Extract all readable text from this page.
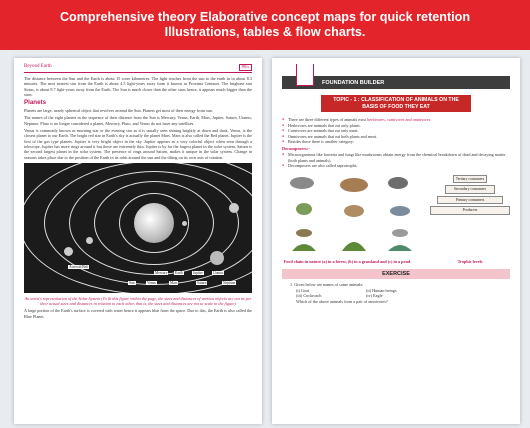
Comprehensive theory Elaborative concept maps for quick retention
Illustrations, tables & flow charts.
Beyond Earth	#85

The distance between the Sun and the Earth is about 15 crore kilometres. The light reaches from the sun to the earth in in about 8.3 minutes. The next nearest star from the Earth is about 4.3 light-years away from it known as Proxima Centauri. The brightest star Sirius, is about 8.7 light-years away from the Earth. The Sun is much closer than the other stars hence, it appears much bigger than the stars.

Planets

Planets are large, nearly spherical object that revolves around the Sun. Planets get most of their energy from sun.

The names of the eight planets in the sequence of their distance from the Sun is Mercury, Venus, Earth, Mars, Jupiter, Saturn, Uranus, Neptune. Pluto is no longer considered a planet, Mercury, Pluto, and Venus do not have any satellites.

Venus is commonly known as morning star or the evening star as it is usually seen shining brightly at dawn and dusk. Venus, is the closest planet to our Earth. The bright red star in Earth's sky is actually the planet Mars. Mars is also called the Red planet. Jupiter is the first of the gas type planets. Jupiter is very bright object in the sky. Jupiter appears as a very colorful object when seen through a telescope. Jupiter has more rings around it but these are extremely thin. Jupiter is by far the largest planet in the solar system. Saturn is the second largest planet in the solar system. The presence of rings around Saturn, makes it unique in the solar system. Change in seasons takes place due to the position of the Earth in its orbit around the sun and the tilting on its own axis of rotation.

Asteroid Belt
Sun	Venus
Mercury
Mars
Earth	Jupiter
Saturn
Uranus
Neptune

An artist's representation of the Solar System (To fit this figure within the page, the sizes and distances of various objects are not as per their actual sizes and distances in relation to each other, that is, the sizes and distances are not to scale in the figure)

A large portion of the Earth's surface is covered with water hence it appears blue from the space. Due to this, the Earth is also called the Blue Planet.

FOUNDATION BUILDER
TOPIC - 1 : CLASSIFICATION OF ANIMALS ON THE BASIS OF FOOD THEY EAT
● There are three different types of animals exist herbivores, carnivores and omnivores.
● Herbivores are animals that eat only plants.
● Carnivores are animals that eat only meat.
● Omnivores are animals that eat both plants and meat.
● Besides these there is another category:
Decomposers:-
● Microorganisms like bacteria and fungi like mushrooms obtain energy from the chemical breakdown of dead and decaying matter (both plants and animals).
● Decomposers are also called saprotrophs.
Tertiary consumers
Secondary consumers
Primary consumers
Producers
Food chain in nature (a) in a forest, (b) in a grassland and (c) in a pond	Trophic levels
EXERCISE
1. Given below are names of some animals:
(i) Goat	(ii) Human beings
(iii) Cockroach	(iv) Eagle
Which of the above animals form a pair of omnivores?
